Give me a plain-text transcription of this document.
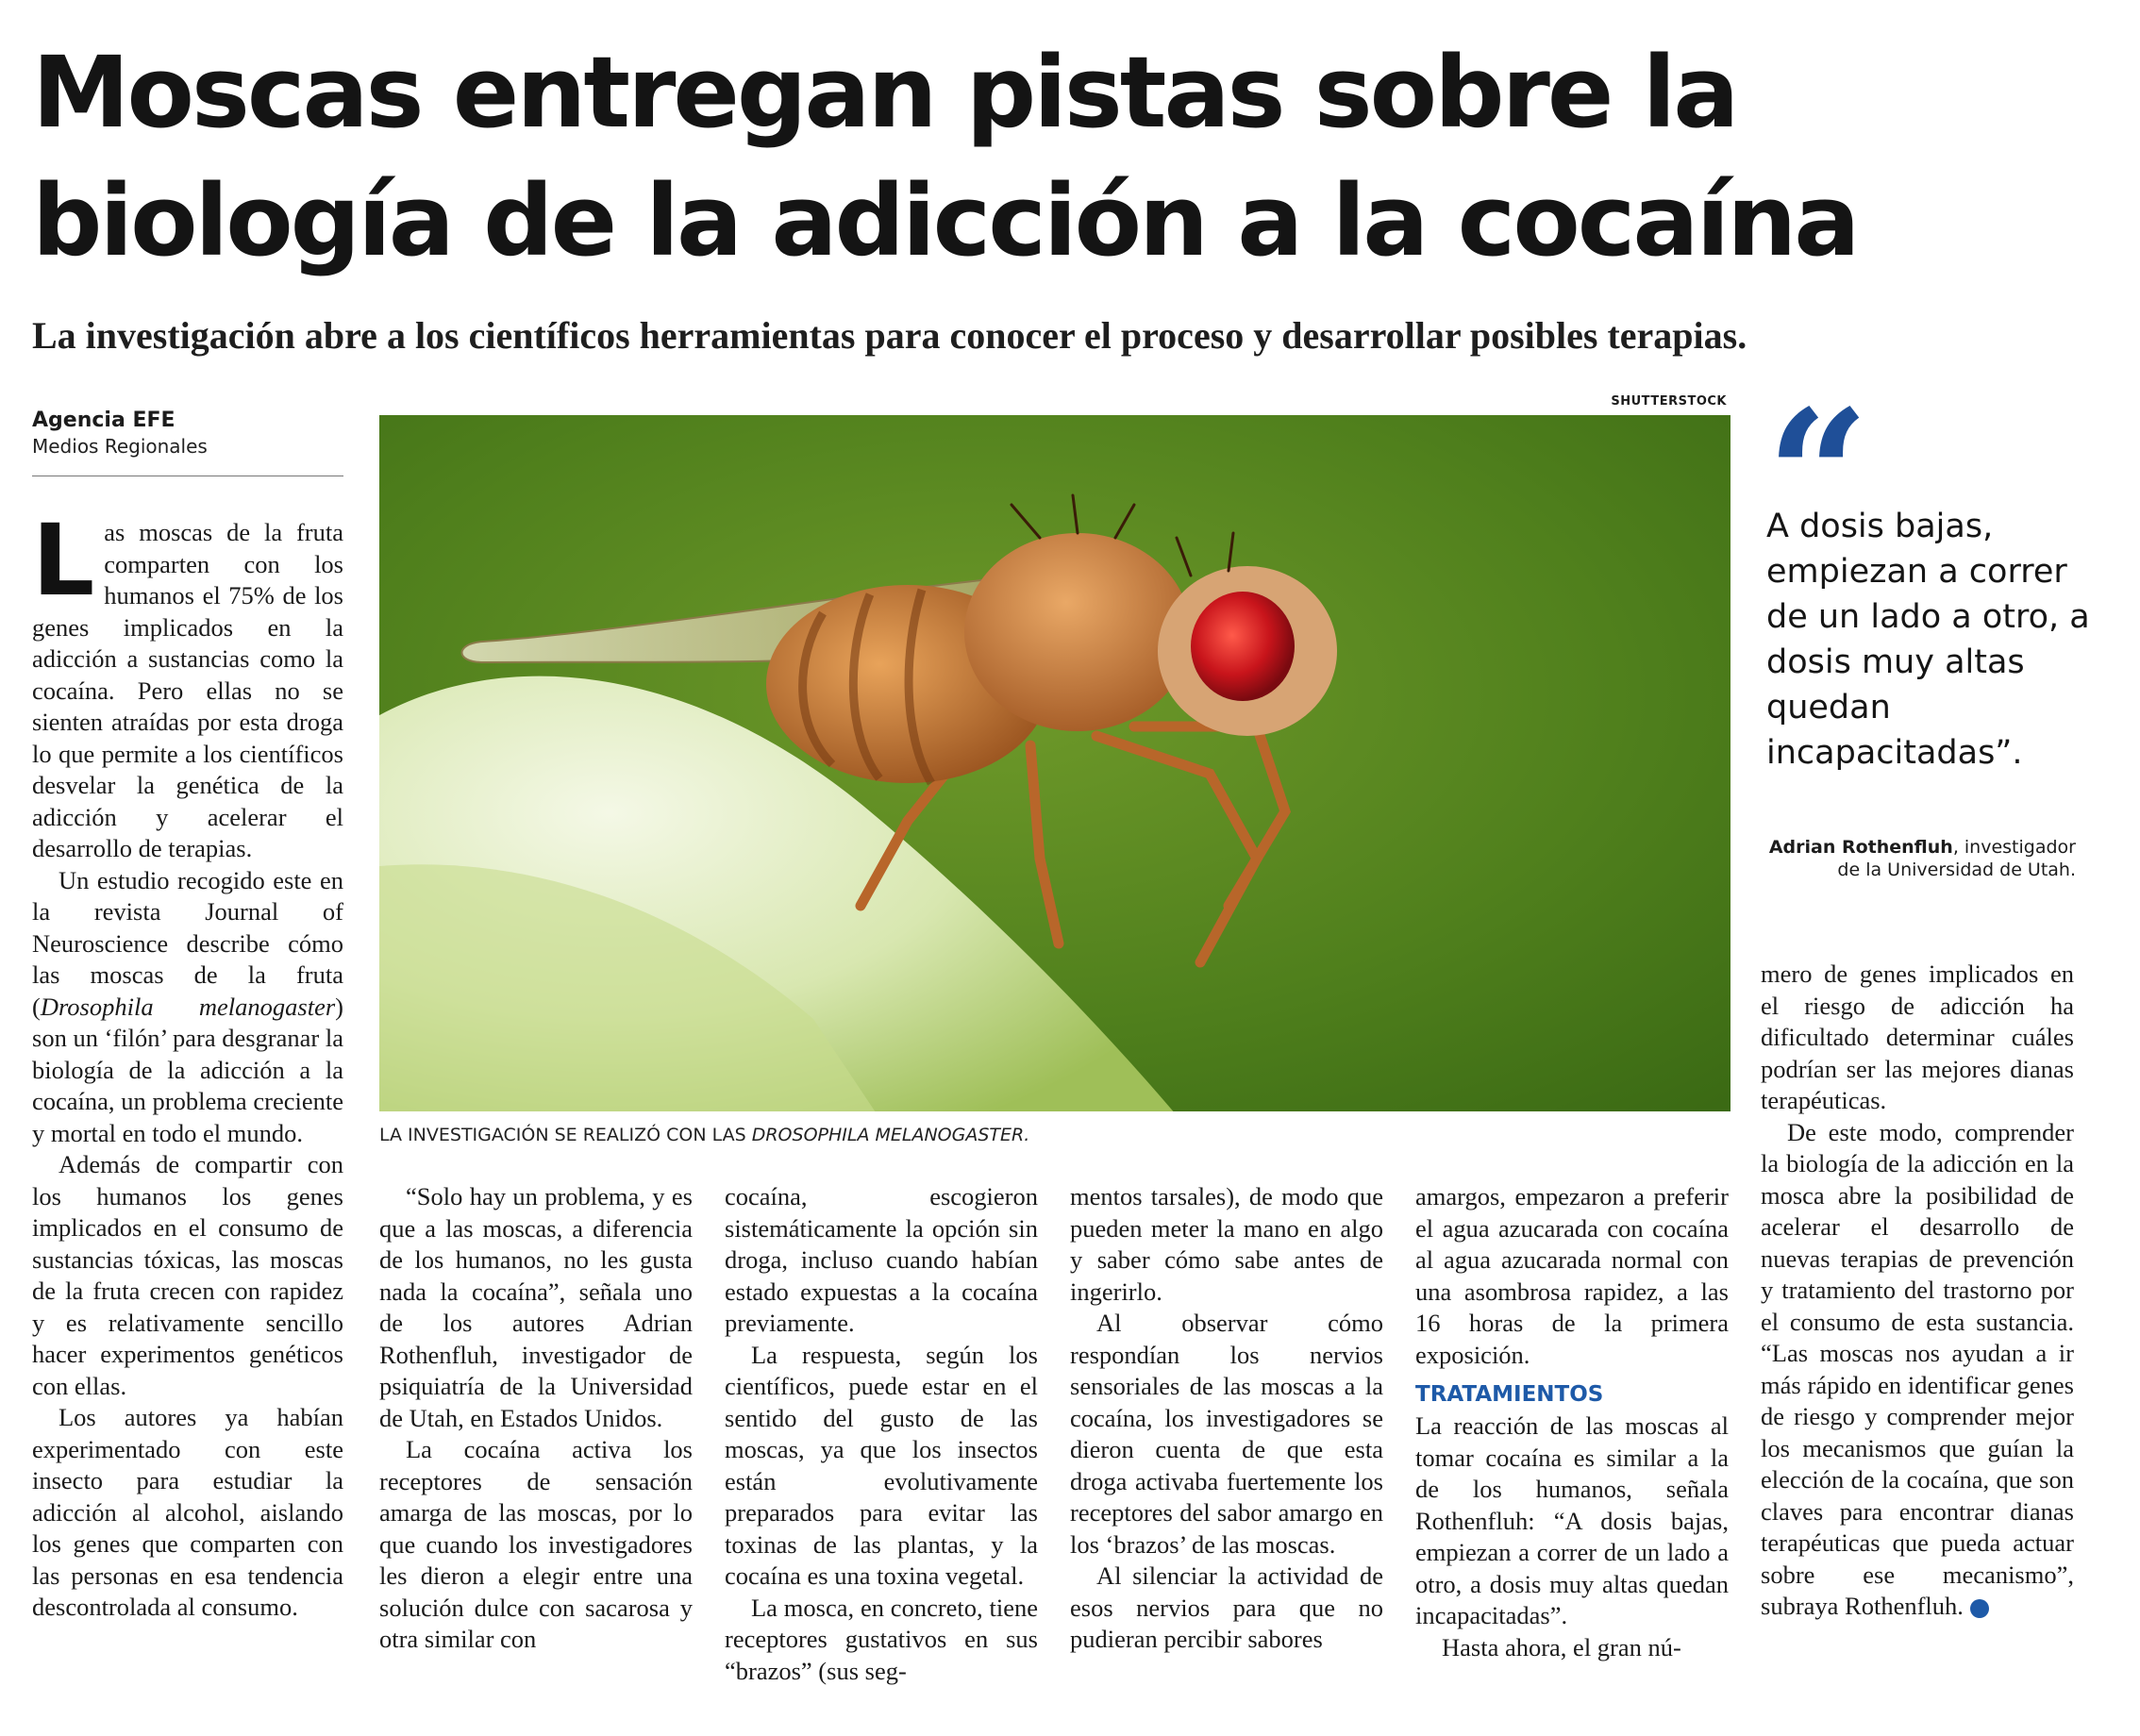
Moscas entregan pistas sobre la biología de la adicción a la cocaína

La investigación abre a los científicos herramientas para conocer el proceso y desarrollar posibles terapias.

Agencia EFE
Medios Regionales

Las moscas de la fruta comparten con los humanos el 75% de los genes implicados en la adicción a sustancias como la cocaína. Pero ellas no se sienten atraídas por esta droga lo que permite a los científicos desvelar la genética de la adicción y acelerar el desarrollo de terapias.

Un estudio recogido este en la revista Journal of Neuroscience describe cómo las moscas de la fruta (Drosophila melanogaster) son un ‘filón’ para desgranar la biología de la adicción a la cocaína, un problema creciente y mortal en todo el mundo.

Además de compartir con los humanos los genes implicados en el consumo de sustancias tóxicas, las moscas de la fruta crecen con rapidez y es relativamente sencillo hacer experimentos genéticos con ellas.

Los autores ya habían experimentado con este insecto para estudiar la adicción al alcohol, aislando los genes que comparten con las personas en esa tendencia descontrolada al consumo.

SHUTTERSTOCK
LA INVESTIGACIÓN SE REALIZÓ CON LAS DROSOPHILA MELANOGASTER.
A dosis bajas, empiezan a correr de un lado a otro, a dosis muy altas quedan incapacitadas”.
Adrian Rothenfluh, investigador de la Universidad de Utah.

“Solo hay un problema, y es que a las moscas, a diferencia de los humanos, no les gusta nada la cocaína”, señala uno de los autores Adrian Rothenfluh, investigador de psiquiatría de la Universidad de Utah, en Estados Unidos.

La cocaína activa los receptores de sensación amarga de las moscas, por lo que cuando los investigadores les dieron a elegir entre una solución dulce con sacarosa y otra similar con

cocaína, escogieron sistemáticamente la opción sin droga, incluso cuando habían estado expuestas a la cocaína previamente.

La respuesta, según los científicos, puede estar en el sentido del gusto de las moscas, ya que los insectos están evolutivamente preparados para evitar las toxinas de las plantas, y la cocaína es una toxina vegetal.

La mosca, en concreto, tiene receptores gustativos en sus “brazos” (sus seg-

mentos tarsales), de modo que pueden meter la mano en algo y saber cómo sabe antes de ingerirlo.

Al observar cómo respondían los nervios sensoriales de las moscas a la cocaína, los investigadores se dieron cuenta de que esta droga activaba fuertemente los receptores del sabor amargo en los ‘brazos’ de las moscas.

Al silenciar la actividad de esos nervios para que no pudieran percibir sabores

amargos, empezaron a preferir el agua azucarada con cocaína al agua azucarada normal con una asombrosa rapidez, a las 16 horas de la primera exposición.

TRATAMIENTOS

La reacción de las moscas al tomar cocaína es similar a la de los humanos, señala Rothenfluh: “A dosis bajas, empiezan a correr de un lado a otro, a dosis muy altas quedan incapacitadas”.

Hasta ahora, el gran nú-

mero de genes implicados en el riesgo de adicción ha dificultado determinar cuáles podrían ser las mejores dianas terapéuticas.

De este modo, comprender la biología de la adicción en la mosca abre la posibilidad de acelerar el desarrollo de nuevas terapias de prevención y tratamiento del trastorno por el consumo de esta sustancia. “Las moscas nos ayudan a ir más rápido en identificar genes de riesgo y comprender mejor los mecanismos que guían la elección de la cocaína, que son claves para encontrar dianas terapéuticas que pueda actuar sobre ese mecanismo”, subraya Rothenfluh. ✪
